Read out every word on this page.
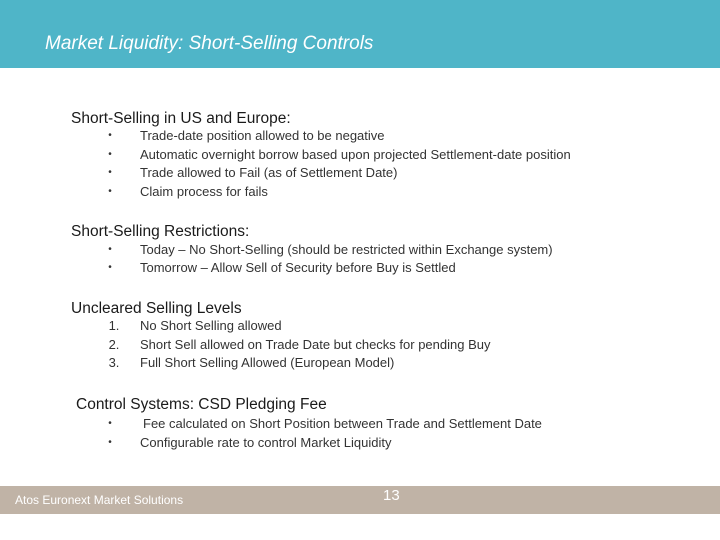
Market Liquidity: Short-Selling Controls
Short-Selling in US and Europe:
•	Trade-date position allowed to be negative
•	Automatic overnight borrow based upon projected Settlement-date position
•	Trade allowed to Fail (as of Settlement Date)
•	Claim process for fails
Short-Selling Restrictions:
•	Today – No Short-Selling (should be restricted within Exchange system)
•	Tomorrow – Allow Sell of Security before Buy is Settled
Uncleared Selling Levels
1.	No Short Selling allowed
2.	Short Sell allowed on Trade Date but checks for pending Buy
3.	Full Short Selling Allowed (European Model)
Control Systems: CSD Pledging Fee
•	Fee calculated on Short Position between Trade and Settlement Date
•	Configurable rate to control Market Liquidity
Atos Euronext Market Solutions	13
